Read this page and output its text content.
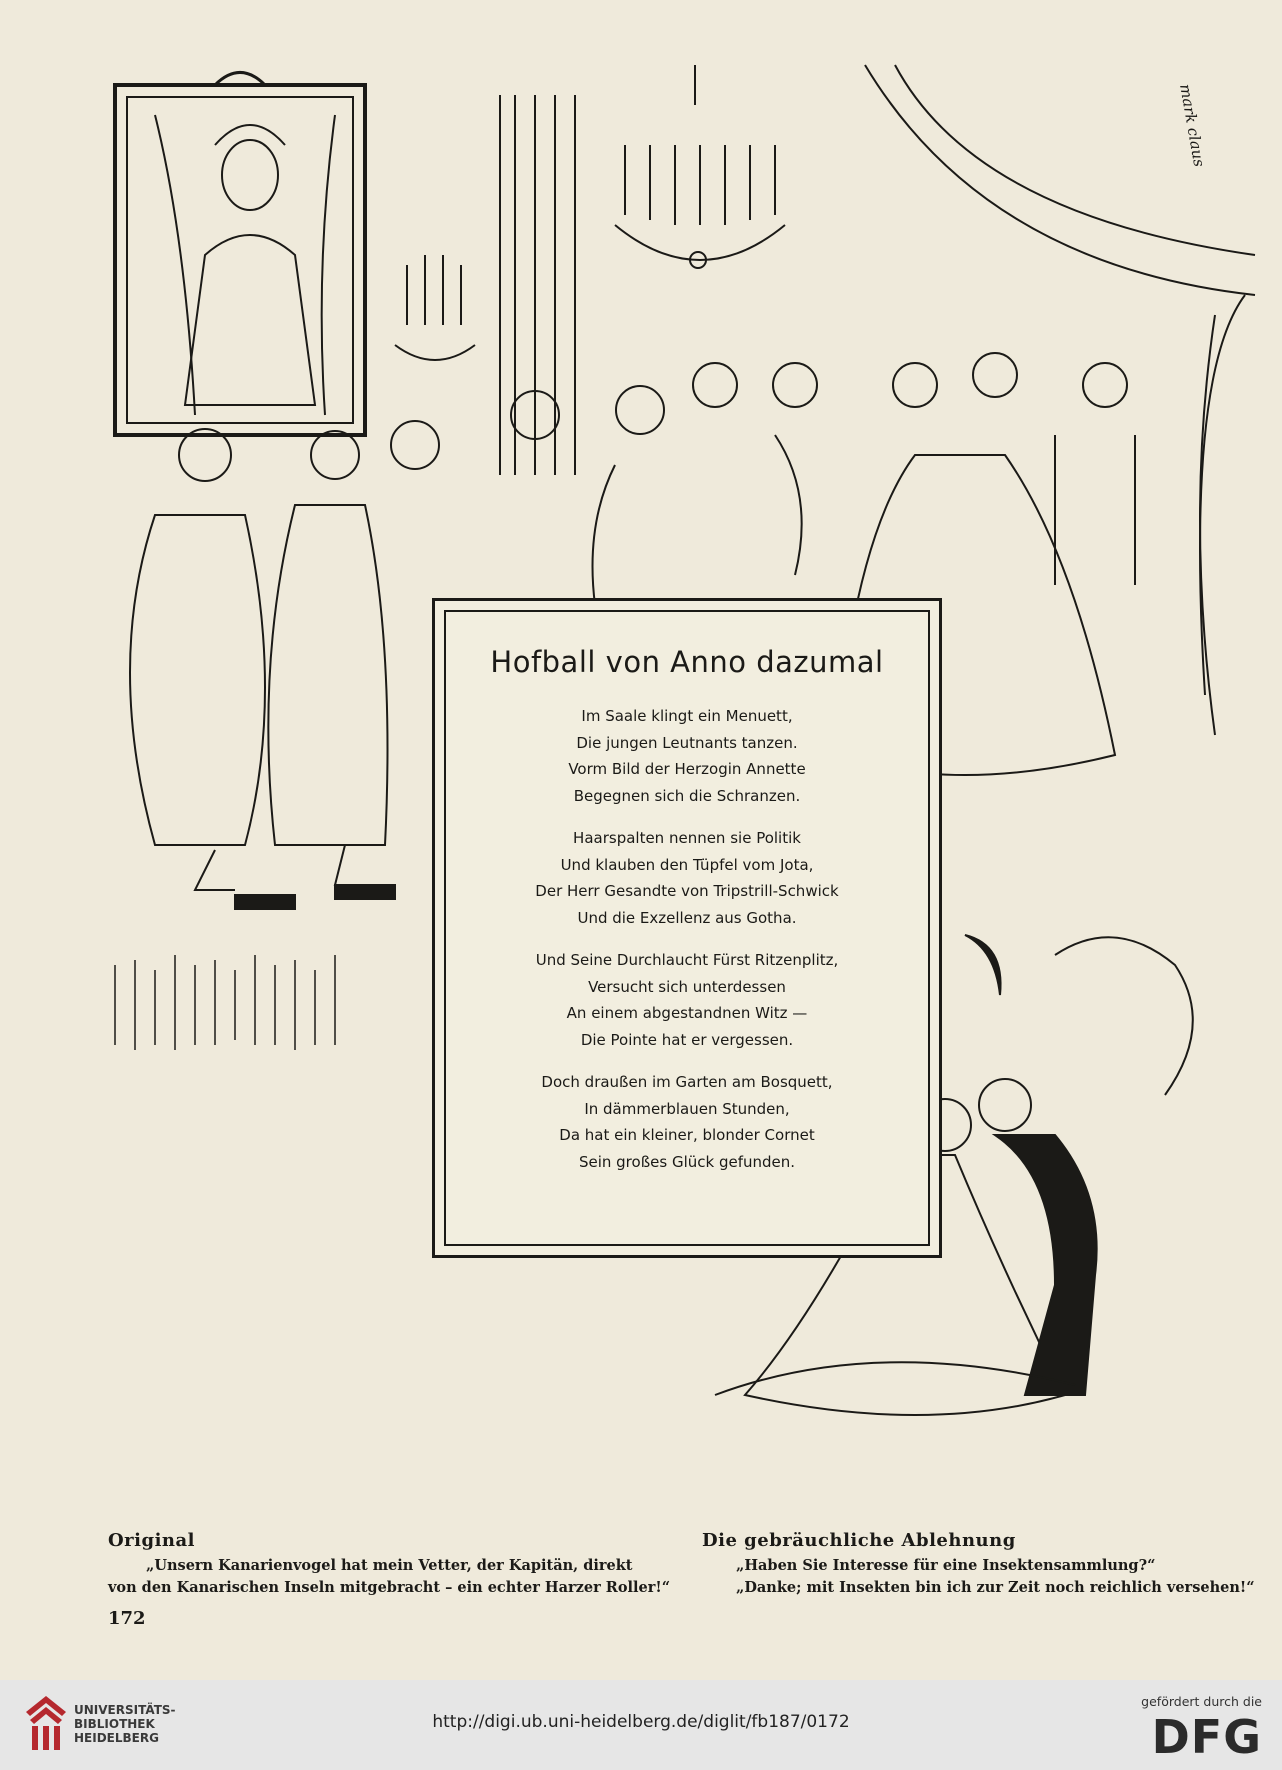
mark claus
Hofball von Anno dazumal
Im Saale klingt ein Menuett,
Die jungen Leutnants tanzen.
Vorm Bild der Herzogin Annette
Begegnen sich die Schranzen.
Haarspalten nennen sie Politik
Und klauben den Tüpfel vom Jota,
Der Herr Gesandte von Tripstrill-Schwick
Und die Exzellenz aus Gotha.
Und Seine Durchlaucht Fürst Ritzenplitz,
Versucht sich unterdessen
An einem abgestandnen Witz —
Die Pointe hat er vergessen.
Doch draußen im Garten am Bosquett,
In dämmerblauen Stunden,
Da hat ein kleiner, blonder Cornet
Sein großes Glück gefunden.
Original

„Unsern Kanarienvogel hat mein Vetter, der Kapitän, direkt

von den Kanarischen Inseln mitgebracht – ein echter Harzer Roller!“

Die gebräuchliche Ablehnung

„Haben Sie Interesse für eine Insektensammlung?“

„Danke; mit Insekten bin ich zur Zeit noch reichlich versehen!“

172
UNIVERSITÄTS-
BIBLIOTHEK
HEIDELBERG
http://digi.ub.uni-heidelberg.de/diglit/fb187/0172
gefördert durch die
DFG
